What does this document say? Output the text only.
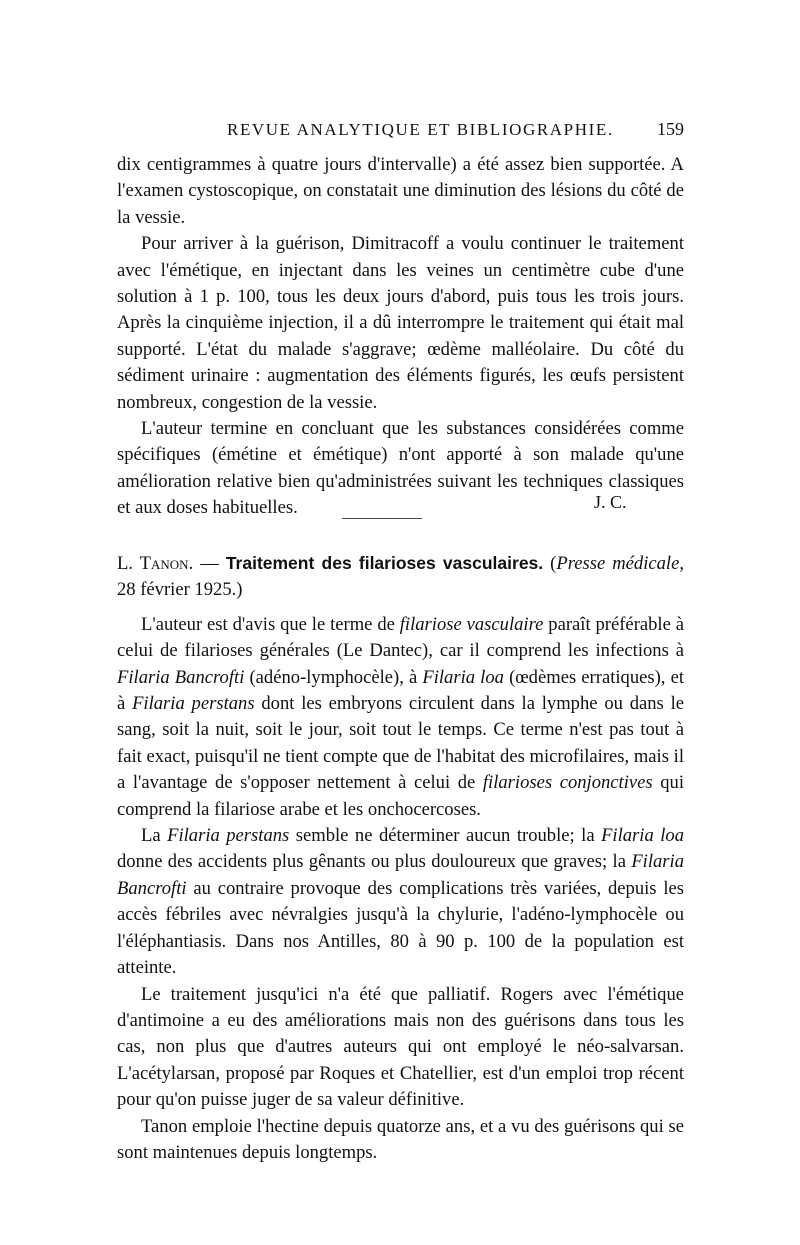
REVUE ANALYTIQUE ET BIBLIOGRAPHIE. 159

dix centigrammes à quatre jours d'intervalle) a été assez bien supportée. A l'examen cystoscopique, on constatait une diminution des lésions du côté de la vessie.

Pour arriver à la guérison, Dimitracoff a voulu continuer le traitement avec l'émétique, en injectant dans les veines un centimètre cube d'une solution à 1 p. 100, tous les deux jours d'abord, puis tous les trois jours. Après la cinquième injection, il a dû interrompre le traitement qui était mal supporté. L'état du malade s'aggrave; œdème malléolaire. Du côté du sédiment urinaire : augmentation des éléments figurés, les œufs persistent nombreux, congestion de la vessie.

L'auteur termine en concluant que les substances considérées comme spécifiques (émétine et émétique) n'ont apporté à son malade qu'une amélioration relative bien qu'administrées suivant les techniques classiques et aux doses habituelles.	J. C.

L. Tanon. — Traitement des filarioses vasculaires. (Presse médicale, 28 février 1925.)

L'auteur est d'avis que le terme de filariose vasculaire paraît préférable à celui de filarioses générales (Le Dantec), car il comprend les infections à Filaria Bancrofti (adéno-lymphocèle), à Filaria loa (œdèmes erratiques), et à Filaria perstans dont les embryons circulent dans la lymphe ou dans le sang, soit la nuit, soit le jour, soit tout le temps. Ce terme n'est pas tout à fait exact, puisqu'il ne tient compte que de l'habitat des microfilaires, mais il a l'avantage de s'opposer nettement à celui de filarioses conjonctives qui comprend la filariose arabe et les onchocercoses.

La Filaria perstans semble ne déterminer aucun trouble; la Filaria loa donne des accidents plus gênants ou plus douloureux que graves; la Filaria Bancrofti au contraire provoque des complications très variées, depuis les accès fébriles avec névralgies jusqu'à la chylurie, l'adéno-lymphocèle ou l'éléphantiasis. Dans nos Antilles, 80 à 90 p. 100 de la population est atteinte.

Le traitement jusqu'ici n'a été que palliatif. Rogers avec l'émétique d'antimoine a eu des améliorations mais non des guérisons dans tous les cas, non plus que d'autres auteurs qui ont employé le néo-salvarsan. L'acétylarsan, proposé par Roques et Chatellier, est d'un emploi trop récent pour qu'on puisse juger de sa valeur définitive.

Tanon emploie l'hectine depuis quatorze ans, et a vu des guérisons qui se sont maintenues depuis longtemps.
